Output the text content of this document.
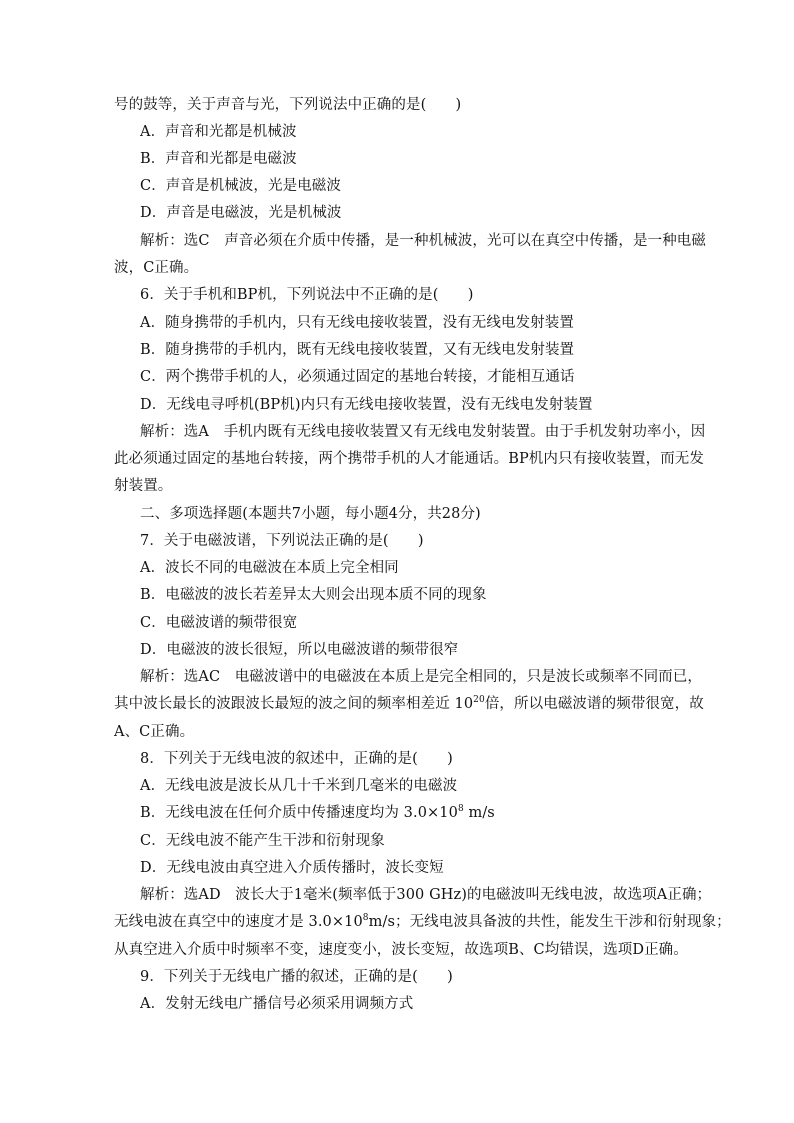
号的鼓等，关于声音与光，下列说法中正确的是(　　)
A．声音和光都是机械波
B．声音和光都是电磁波
C．声音是机械波，光是电磁波
D．声音是电磁波，光是机械波
解析：选C　声音必须在介质中传播，是一种机械波，光可以在真空中传播，是一种电磁
波，C正确。
6．关于手机和BP机，下列说法中不正确的是(　　)
A．随身携带的手机内，只有无线电接收装置，没有无线电发射装置
B．随身携带的手机内，既有无线电接收装置，又有无线电发射装置
C．两个携带手机的人，必须通过固定的基地台转接，才能相互通话
D．无线电寻呼机(BP机)内只有无线电接收装置，没有无线电发射装置
解析：选A　手机内既有无线电接收装置又有无线电发射装置。由于手机发射功率小，因
此必须通过固定的基地台转接，两个携带手机的人才能通话。BP机内只有接收装置，而无发
射装置。
二、多项选择题(本题共7小题，每小题4分，共28分)
7．关于电磁波谱，下列说法正确的是(　　)
A．波长不同的电磁波在本质上完全相同
B．电磁波的波长若差异太大则会出现本质不同的现象
C．电磁波谱的频带很宽
D．电磁波的波长很短，所以电磁波谱的频带很窄
解析：选AC　电磁波谱中的电磁波在本质上是完全相同的，只是波长或频率不同而已，
其中波长最长的波跟波长最短的波之间的频率相差近 $10^{20}$倍，所以电磁波谱的频带很宽，故
A、C正确。
8．下列关于无线电波的叙述中，正确的是(　　)
A．无线电波是波长从几十千米到几毫米的电磁波
B．无线电波在任何介质中传播速度均为 $3.0\times 10^8$ m/s
C．无线电波不能产生干涉和衍射现象
D．无线电波由真空进入介质传播时，波长变短
解析：选AD　波长大于1毫米(频率低于300 GHz)的电磁波叫无线电波，故选项A正确；
无线电波在真空中的速度才是 $3.0\times 10^8m/s$；无线电波具备波的共性，能发生干涉和衍射现象；
从真空进入介质中时频率不变，速度变小，波长变短，故选项B、C均错误，选项D正确。
9．下列关于无线电广播的叙述，正确的是(　　)
A．发射无线电广播信号必须采用调频方式
